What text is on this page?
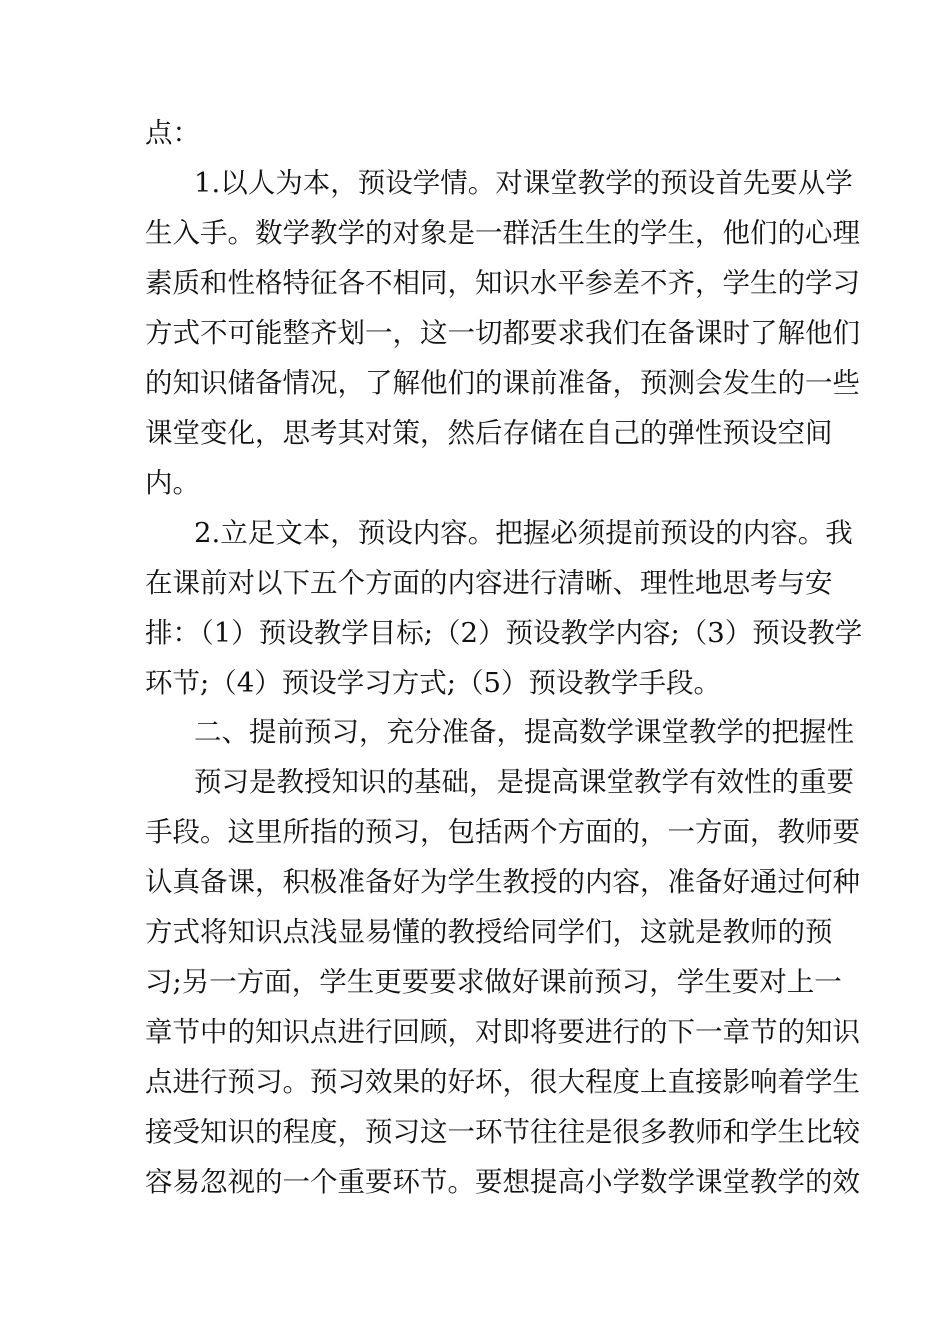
点：
1.以人为本，预设学情。对课堂教学的预设首先要从学
生入手。数学教学的对象是一群活生生的学生，他们的心理
素质和性格特征各不相同，知识水平参差不齐，学生的学习
方式不可能整齐划一，这一切都要求我们在备课时了解他们
的知识储备情况，了解他们的课前准备，预测会发生的一些
课堂变化，思考其对策，然后存储在自己的弹性预设空间
内。
2.立足文本，预设内容。把握必须提前预设的内容。我
在课前对以下五个方面的内容进行清晰、理性地思考与安
排：（1）预设教学目标;（2）预设教学内容;（3）预设教学
环节;（4）预设学习方式;（5）预设教学手段。
二、提前预习，充分准备，提高数学课堂教学的把握性
预习是教授知识的基础，是提高课堂教学有效性的重要
手段。这里所指的预习，包括两个方面的，一方面，教师要
认真备课，积极准备好为学生教授的内容，准备好通过何种
方式将知识点浅显易懂的教授给同学们，这就是教师的预
习;另一方面，学生更要要求做好课前预习，学生要对上一
章节中的知识点进行回顾，对即将要进行的下一章节的知识
点进行预习。预习效果的好坏，很大程度上直接影响着学生
接受知识的程度，预习这一环节往往是很多教师和学生比较
容易忽视的一个重要环节。要想提高小学数学课堂教学的效
